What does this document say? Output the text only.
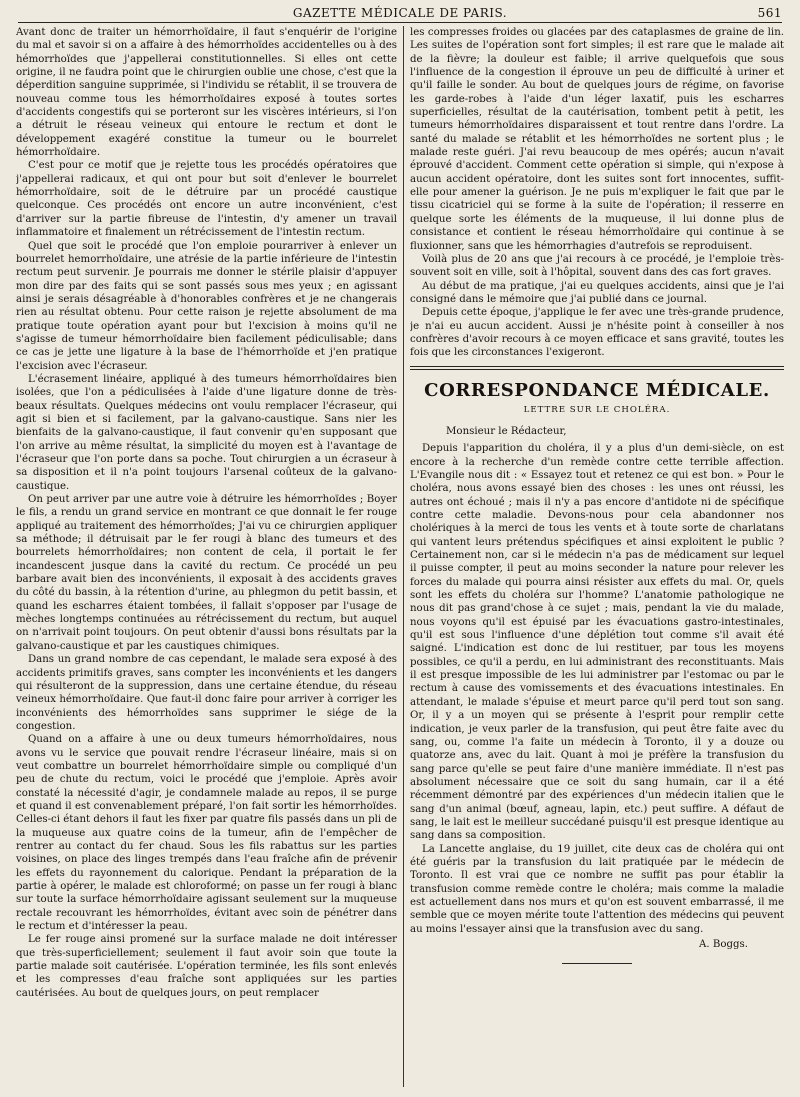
GAZETTE MÉDICALE DE PARIS.	561

Avant donc de traiter un hémorrhoïdaire, il faut s'enquérir de l'origine du mal et savoir si on a affaire à des hémorrhoïdes accidentelles ou à des hémorrhoïdes que j'appellerai constitutionnelles. Si elles ont cette origine, il ne faudra point que le chirurgien oublie une chose, c'est que la déperdition sanguine supprimée, si l'individu se rétablit, il se trouvera de nouveau comme tous les hémorrhoïdaires exposé à toutes sortes d'accidents congestifs qui se porteront sur les viscères intérieurs, si l'on a détruit le réseau veineux qui entoure le rectum et dont le développement exagéré constitue la tumeur ou le bourrelet hémorrhoïdaire.

C'est pour ce motif que je rejette tous les procédés opératoires que j'appellerai radicaux, et qui ont pour but soit d'enlever le bourrelet hémorrhoïdaire, soit de le détruire par un procédé caustique quelconque. Ces procédés ont encore un autre inconvénient, c'est d'arriver sur la partie fibreuse de l'intestin, d'y amener un travail inflammatoire et finalement un rétrécissement de l'intestin rectum.

Quel que soit le procédé que l'on emploie pourarriver à enlever un bourrelet hemorrhoïdaire, une atrésie de la partie inférieure de l'intestin rectum peut survenir. Je pourrais me donner le stérile plaisir d'appuyer mon dire par des faits qui se sont passés sous mes yeux ; en agissant ainsi je serais désagréable à d'honorables confrères et je ne changerais rien au résultat obtenu. Pour cette raison je rejette absolument de ma pratique toute opération ayant pour but l'excision à moins qu'il ne s'agisse de tumeur hémorrhoïdaire bien facilement pédiculisable; dans ce cas je jette une ligature à la base de l'hémorrhoïde et j'en pratique l'excision avec l'écraseur.

L'écrasement linéaire, appliqué à des tumeurs hémorrhoïdaires bien isolées, que l'on a pédiculisées à l'aide d'une ligature donne de très-beaux résultats. Quelques médecins ont voulu remplacer l'écraseur, qui agit si bien et si facilement, par la galvano-caustique. Sans nier les bienfaits de la galvano-caustique, il faut convenir qu'en supposant que l'on arrive au même résultat, la simplicité du moyen est à l'avantage de l'écraseur que l'on porte dans sa poche. Tout chirurgien a un écraseur à sa disposition et il n'a point toujours l'arsenal coûteux de la galvano-caustique.

On peut arriver par une autre voie à détruire les hémorrhoïdes ; Boyer le fils, a rendu un grand service en montrant ce que donnait le fer rouge appliqué au traitement des hémorrhoïdes; J'ai vu ce chirurgien appliquer sa méthode; il détruisait par le fer rougi à blanc des tumeurs et des bourrelets hémorrhoïdaires; non content de cela, il portait le fer incandescent jusque dans la cavité du rectum. Ce procédé un peu barbare avait bien des inconvénients, il exposait à des accidents graves du côté du bassin, à la rétention d'urine, au phlegmon du petit bassin, et quand les escharres étaient tombées, il fallait s'opposer par l'usage de mèches longtemps continuées au rétrécissement du rectum, but auquel on n'arrivait point toujours. On peut obtenir d'aussi bons résultats par la galvano-caustique et par les caustiques chimiques.

Dans un grand nombre de cas cependant, le malade sera exposé à des accidents primitifs graves, sans compter les inconvénients et les dangers qui résulteront de la suppression, dans une certaine étendue, du réseau veineux hémorrhoïdaire. Que faut-il donc faire pour arriver à corriger les inconvénients des hémorrhoïdes sans supprimer le siége de la congestion.

Quand on a affaire à une ou deux tumeurs hémorrhoïdaires, nous avons vu le service que pouvait rendre l'écraseur linéaire, mais si on veut combattre un bourrelet hémorrhoïdaire simple ou compliqué d'un peu de chute du rectum, voici le procédé que j'emploie. Après avoir constaté la nécessité d'agir, je condamnele malade au repos, il se purge et quand il est convenablement préparé, l'on fait sortir les hémorrhoïdes. Celles-ci étant dehors il faut les fixer par quatre fils passés dans un pli de la muqueuse aux quatre coins de la tumeur, afin de l'empêcher de rentrer au contact du fer chaud. Sous les fils rabattus sur les parties voisines, on place des linges trempés dans l'eau fraîche afin de prévenir les effets du rayonnement du calorique. Pendant la préparation de la partie à opérer, le malade est chloroformé; on passe un fer rougi à blanc sur toute la surface hémorrhoïdaire agissant seulement sur la muqueuse rectale recouvrant les hémorrhoïdes, évitant avec soin de pénétrer dans le rectum et d'intéresser la peau.

Le fer rouge ainsi promené sur la surface malade ne doit intéresser que très-superficiellement; seulement il faut avoir soin que toute la partie malade soit cautérisée. L'opération terminée, les fils sont enlevés et les compresses d'eau fraîche sont appliquées sur les parties cautérisées. Au bout de quelques jours, on peut remplacer

les compresses froides ou glacées par des cataplasmes de graine de lin. Les suites de l'opération sont fort simples; il est rare que le malade ait de la fièvre; la douleur est faible; il arrive quelquefois que sous l'influence de la congestion il éprouve un peu de difficulté à uriner et qu'il faille le sonder. Au bout de quelques jours de régime, on favorise les garde-robes à l'aide d'un léger laxatif, puis les escharres superficielles, résultat de la cautérisation, tombent petit à petit, les tumeurs hémorrhoïdaires disparaissent et tout rentre dans l'ordre. La santé du malade se rétablit et les hémorrhoïdes ne sortent plus ; le malade reste guéri. J'ai revu beaucoup de mes opérés; aucun n'avait éprouvé d'accident. Comment cette opération si simple, qui n'expose à aucun accident opératoire, dont les suites sont fort innocentes, suffit-elle pour amener la guérison. Je ne puis m'expliquer le fait que par le tissu cicatriciel qui se forme à la suite de l'opération; il resserre en quelque sorte les éléments de la muqueuse, il lui donne plus de consistance et contient le réseau hémorrhoïdaire qui continue à se fluxionner, sans que les hémorrhagies d'autrefois se reproduisent.

Voilà plus de 20 ans que j'ai recours à ce procédé, je l'emploie très-souvent soit en ville, soit à l'hôpital, souvent dans des cas fort graves.

Au début de ma pratique, j'ai eu quelques accidents, ainsi que je l'ai consigné dans le mémoire que j'ai publié dans ce journal.

Depuis cette époque, j'applique le fer avec une très-grande prudence, je n'ai eu aucun accident. Aussi je n'hésite point à conseiller à nos confrères d'avoir recours à ce moyen efficace et sans gravité, toutes les fois que les circonstances l'exigeront.

CORRESPONDANCE MÉDICALE.
LETTRE SUR LE CHOLÉRA.

Monsieur le Rédacteur,

Depuis l'apparition du choléra, il y a plus d'un demi-siècle, on est encore à la recherche d'un remède contre cette terrible affection. L'Evangile nous dit : « Essayez tout et retenez ce qui est bon. » Pour le choléra, nous avons essayé bien des choses : les unes ont réussi, les autres ont échoué ; mais il n'y a pas encore d'antidote ni de spécifique contre cette maladie. Devons-nous pour cela abandonner nos cholériques à la merci de tous les vents et à toute sorte de charlatans qui vantent leurs prétendus spécifiques et ainsi exploitent le public ? Certainement non, car si le médecin n'a pas de médicament sur lequel il puisse compter, il peut au moins seconder la nature pour relever les forces du malade qui pourra ainsi résister aux effets du mal. Or, quels sont les effets du choléra sur l'homme? L'anatomie pathologique ne nous dit pas grand'chose à ce sujet ; mais, pendant la vie du malade, nous voyons qu'il est épuisé par les évacuations gastro-intestinales, qu'il est sous l'influence d'une déplétion tout comme s'il avait été saigné. L'indication est donc de lui restituer, par tous les moyens possibles, ce qu'il a perdu, en lui administrant des reconstituants. Mais il est presque impossible de les lui administrer par l'estomac ou par le rectum à cause des vomissements et des évacuations intestinales. En attendant, le malade s'épuise et meurt parce qu'il perd tout son sang. Or, il y a un moyen qui se présente à l'esprit pour remplir cette indication, je veux parler de la transfusion, qui peut être faite avec du sang, ou, comme l'a faite un médecin à Toronto, il y a douze ou quatorze ans, avec du lait. Quant à moi je préfère la transfusion du sang parce qu'elle se peut faire d'une manière immédiate. Il n'est pas absolument nécessaire que ce soit du sang humain, car il a été récemment démontré par des expériences d'un médecin italien que le sang d'un animal (bœuf, agneau, lapin, etc.) peut suffire. A défaut de sang, le lait est le meilleur succédané puisqu'il est presque identique au sang dans sa composition.

La Lancette anglaise, du 19 juillet, cite deux cas de choléra qui ont été guéris par la transfusion du lait pratiquée par le médecin de Toronto. Il est vrai que ce nombre ne suffit pas pour établir la transfusion comme remède contre le choléra; mais comme la maladie est actuellement dans nos murs et qu'on est souvent embarrassé, il me semble que ce moyen mérite toute l'attention des médecins qui peuvent au moins l'essayer ainsi que la transfusion avec du sang.

A. Boggs.
